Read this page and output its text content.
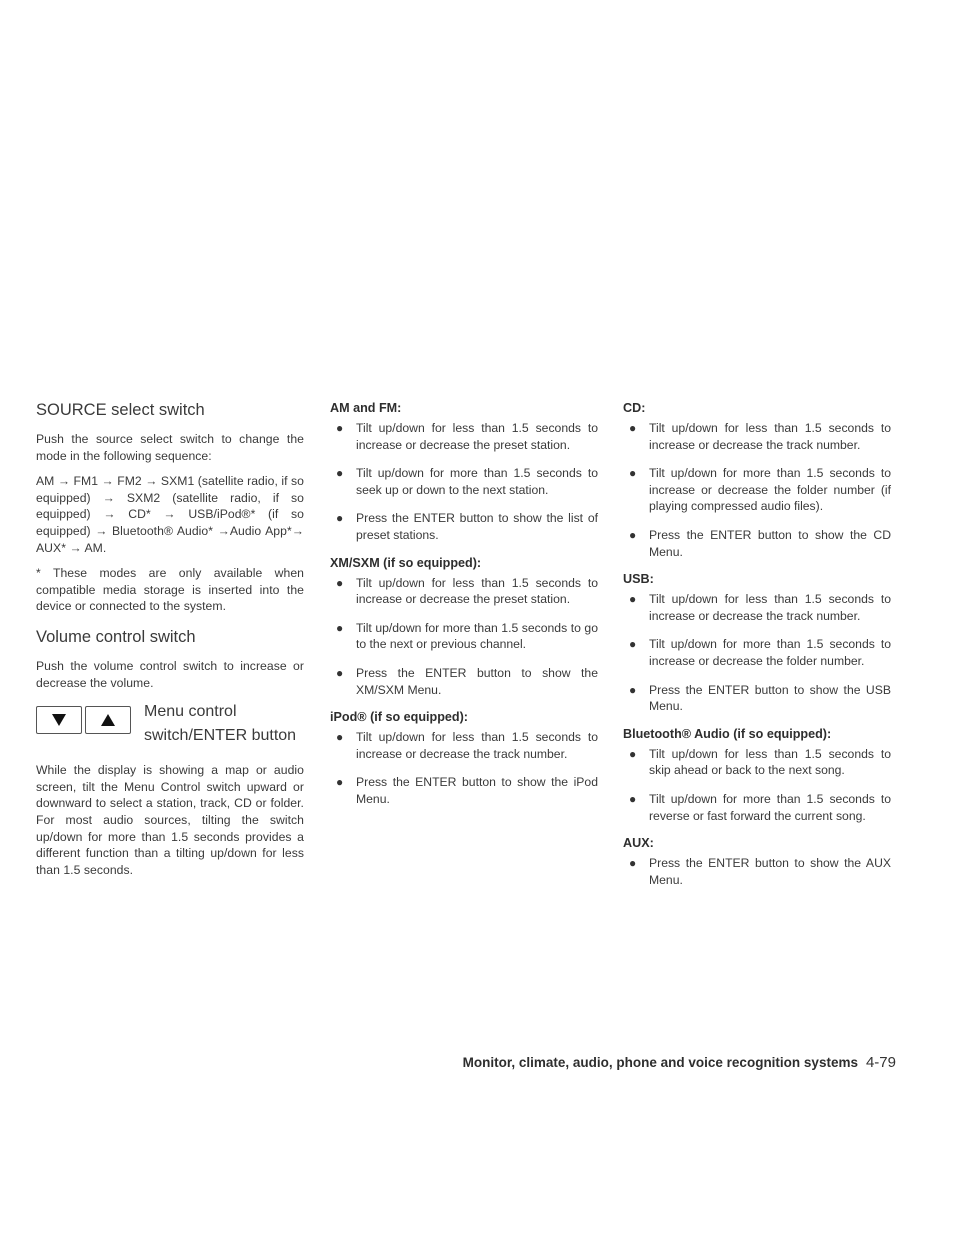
SOURCE select switch

Push the source select switch to change the mode in the following sequence:

AM → FM1 → FM2 → SXM1 (satellite radio, if so equipped) → SXM2 (satellite radio, if so equipped) → CD* → USB/iPod®* (if so equipped) → Bluetooth® Audio* →Audio App*→ AUX* → AM.

* These modes are only available when compatible media storage is inserted into the device or connected to the system.

Volume control switch

Push the volume control switch to increase or decrease the volume.

Menu control
switch/ENTER button

While the display is showing a map or audio screen, tilt the Menu Control switch upward or downward to select a station, track, CD or folder. For most audio sources, tilting the switch up/down for more than 1.5 seconds provides a different function than a tilting up/down for less than 1.5 seconds.

AM and FM:
● Tilt up/down for less than 1.5 seconds to increase or decrease the preset station.
● Tilt up/down for more than 1.5 seconds to seek up or down to the next station.
● Press the ENTER button to show the list of preset stations.
XM/SXM (if so equipped):
● Tilt up/down for less than 1.5 seconds to increase or decrease the preset station.
● Tilt up/down for more than 1.5 seconds to go to the next or previous channel.
● Press the ENTER button to show the XM/SXM Menu.
iPod® (if so equipped):
● Tilt up/down for less than 1.5 seconds to increase or decrease the track number.
● Press the ENTER button to show the iPod Menu.
CD:
● Tilt up/down for less than 1.5 seconds to increase or decrease the track number.
● Tilt up/down for more than 1.5 seconds to increase or decrease the folder number (if playing compressed audio files).
● Press the ENTER button to show the CD Menu.
USB:
● Tilt up/down for less than 1.5 seconds to increase or decrease the track number.
● Tilt up/down for more than 1.5 seconds to increase or decrease the folder number.
● Press the ENTER button to show the USB Menu.
Bluetooth® Audio (if so equipped):
● Tilt up/down for less than 1.5 seconds to skip ahead or back to the next song.
● Tilt up/down for more than 1.5 seconds to reverse or fast forward the current song.
AUX:
● Press the ENTER button to show the AUX Menu.
Monitor, climate, audio, phone and voice recognition systems 4-79
